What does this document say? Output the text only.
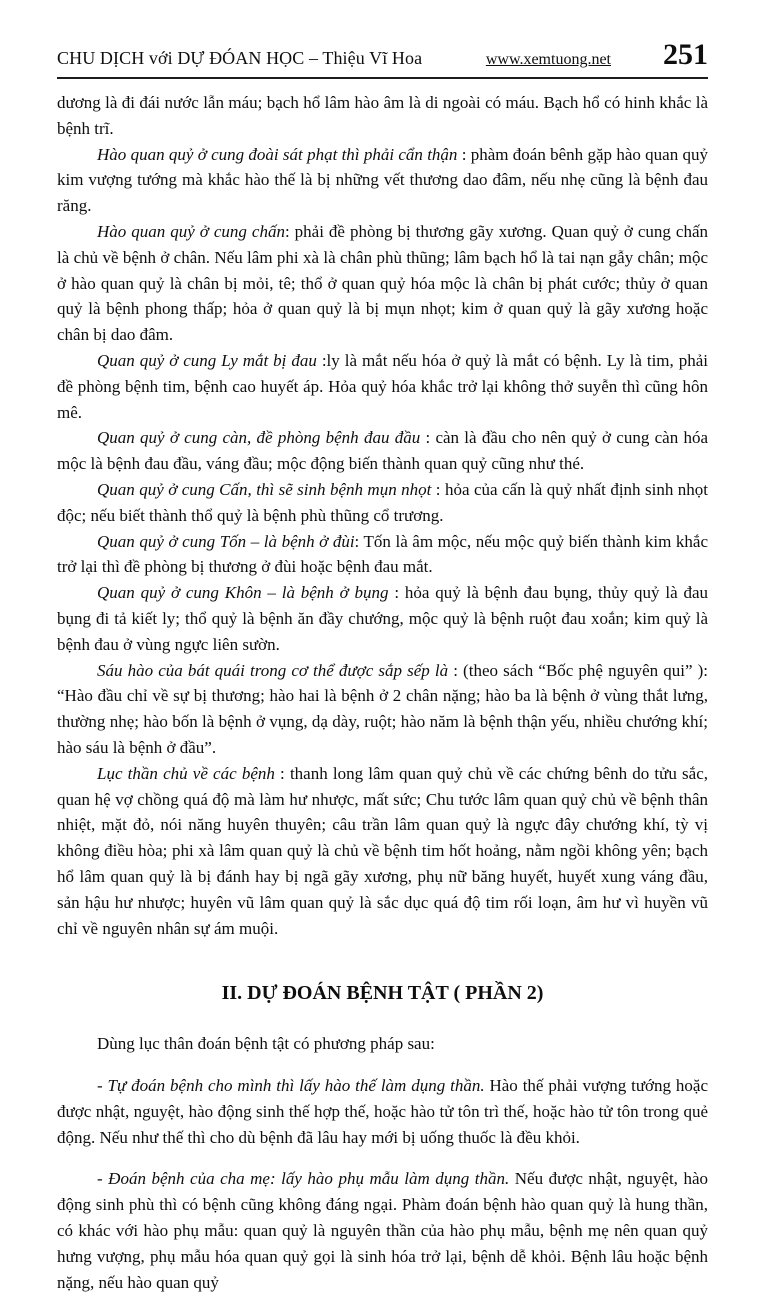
CHU DỊCH với DỰ ĐÓAN HỌC – Thiệu Vĩ Hoa	www.xemtuong.net 251

dương là đi đái nước lẫn máu; bạch hổ lâm hào âm là di ngoài có máu. Bạch hổ có hinh khắc là bệnh trĩ.

Hào quan quỷ ở cung đoài sát phạt thì phải cẩn thận : phàm đoán bênh gặp hào quan quỷ kim vượng tướng mà khắc hào thế là bị những vết thương dao đâm, nếu nhẹ cũng là bệnh đau răng.

Hào quan quỷ ở cung chấn: phải đề phòng bị thương gãy xương. Quan quỷ ở cung chấn là chủ về bệnh ở chân. Nếu lâm phi xà là chân phù thũng; lâm bạch hổ là tai nạn gẫy chân; mộc ở hào quan quỷ là chân bị mỏi, tê; thổ ở quan quỷ hóa mộc là chân bị phát cước; thủy ở quan quỷ là bệnh phong thấp; hỏa ở quan quỷ là bị mụn nhọt; kim ở quan quỷ là gãy xương hoặc chân bị dao đâm.

Quan quỷ ở cung Ly mắt bị đau :ly là mắt nếu hóa ở quỷ là mắt có bệnh. Ly là tim, phải đề phòng bệnh tim, bệnh cao huyết áp. Hỏa quỷ hóa khắc trở lại không thở suyễn thì cũng hôn mê.

Quan quỷ ở cung càn, đề phòng bệnh đau đầu : càn là đầu cho nên quỷ ở cung càn hóa mộc là bệnh đau đầu, váng đầu; mộc động biến thành quan quỷ cũng như thé.

Quan quỷ ở cung Cấn, thì sẽ sinh bệnh mụn nhọt : hỏa của cấn là quỷ nhất định sinh nhọt độc; nếu biết thành thổ quỷ là bệnh phù thũng cổ trương.

Quan quỷ ở cung Tốn – là bệnh ở đùi: Tốn là âm mộc, nếu mộc quỷ biến thành kim khắc trở lại thì đề phòng bị thương ở đùi hoặc bệnh đau mắt.

Quan quỷ ở cung Khôn – là bệnh ở bụng : hỏa quỷ là bệnh đau bụng, thủy quỷ là đau bụng đi tả kiết ly; thổ quỷ là bệnh ăn đầy chướng, mộc quỷ là bệnh ruột đau xoắn; kim quỷ là bệnh đau ở vùng ngực liên sườn.

Sáu hào của bát quái trong cơ thể được sắp sếp là : (theo sách “Bốc phệ nguyên qui” ): “Hào đầu chỉ về sự bị thương; hào hai là bệnh ở 2 chân nặng; hào ba là bệnh ở vùng thắt lưng, thường nhẹ; hào bốn là bệnh ở vụng, dạ dày, ruột; hào năm là bệnh thận yếu, nhiều chướng khí; hào sáu là bệnh ở đầu”.

Lục thần chủ về các bệnh : thanh long lâm quan quỷ chủ về các chứng bênh do tửu sắc, quan hệ vợ chồng quá độ mà làm hư nhược, mất sức; Chu tước lâm quan quỷ chủ về bệnh thân nhiệt, mặt đỏ, nói năng huyên thuyên; câu trần lâm quan quỷ là ngực đây chướng khí, tỳ vị không điều hòa; phi xà lâm quan quỷ là chủ về bệnh tim hốt hoảng, nằm ngồi không yên; bạch hổ lâm quan quỷ là bị đánh hay bị ngã gãy xương, phụ nữ băng huyết, huyết xung váng đầu, sản hậu hư nhược; huyên vũ lâm quan quỷ là sắc dục quá độ tim rối loạn, âm hư vì huyền vũ chỉ về nguyên nhân sự ám muội.

II. DỰ ĐOÁN BỆNH TẬT ( PHẦN 2)

Dùng lục thân đoán bệnh tật có phương pháp sau:

- Tự đoán bệnh cho mình thì lấy hào thế làm dụng thần. Hào thế phải vượng tướng hoặc được nhật, nguyệt, hào động sinh thế hợp thế, hoặc hào tử tôn trì thế, hoặc hào tử tôn trong quẻ động. Nếu như thế thì cho dù bệnh đã lâu hay mới bị uống thuốc là đều khỏi.

- Đoán bệnh của cha mẹ: lấy hào phụ mẫu làm dụng thần. Nếu được nhật, nguyệt, hào động sinh phù thì có bệnh cũng không đáng ngại. Phàm đoán bệnh hào quan quỷ là hung thần, có khác với hào phụ mẫu: quan quỷ là nguyên thần của hào phụ mẫu, bệnh mẹ nên quan quỷ hưng vượng, phụ mẫu hóa quan quỷ gọi là sinh hóa trở lại, bệnh dễ khỏi. Bệnh lâu hoặc bệnh nặng, nếu hào quan quỷ
